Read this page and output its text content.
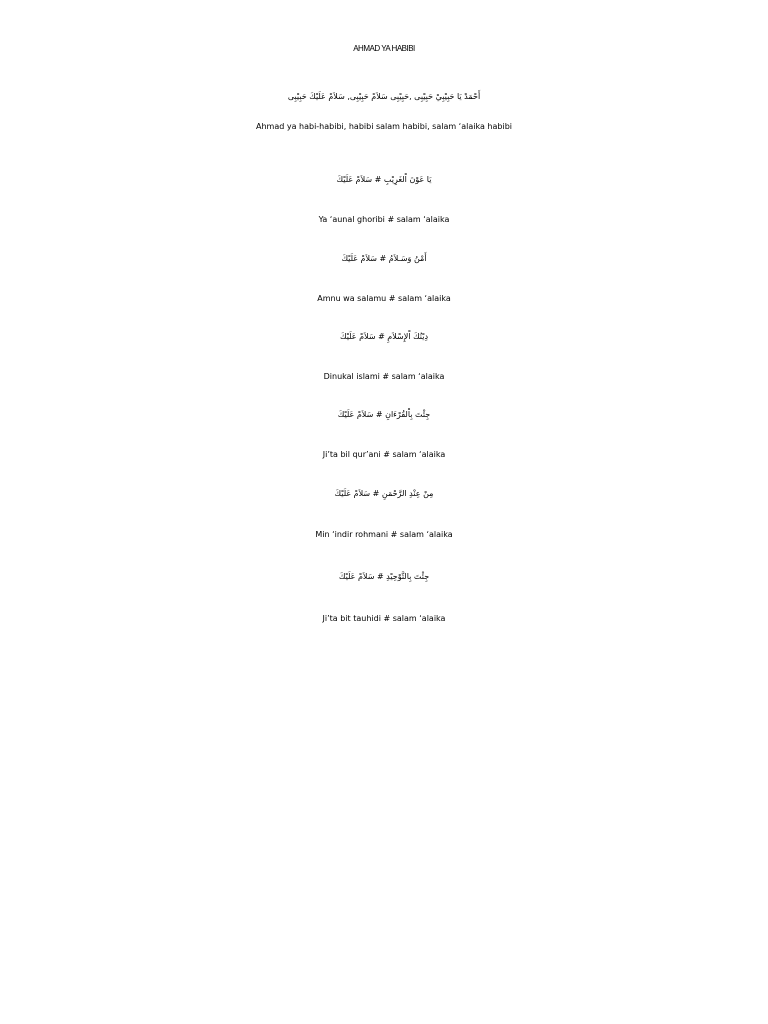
AHMAD YA HABIBI
أَحْمَدْ يَا حَبِيْبِيْ حَبِيْبِى ,حَبِيْبِى سَلاَمْ حَبِيْبِى, سَلاَمْ عَلَيْكَ حَبِيْبِى
Ahmad ya habi-habibi, habibi salam habibi, salam ‘alaika habibi
يَا عَوْنَ اْلغَرِيْبِ # سَلاَمْ عَلَيْكَ
Ya ‘aunal ghoribi # salam ‘alaika
أَمْنُ وَسَـلاَمُ # سَلاَمْ عَلَيْكَ
Amnu wa salamu # salam ‘alaika
دِيْنُكَ اْلإِسْلاَمِ # سَلاَمْ عَلَيْكَ
Dinukal islami # salam ‘alaika
جِئْتَ بِاْلقُرْءَانِ # سَلاَمْ عَلَيْكَ
Ji’ta bil qur’ani # salam ‘alaika
مِنْ عِنْدِ الرَّحْمَنِ # سَلاَمْ عَلَيْكَ
Min ‘indir rohmani # salam ‘alaika
جِئْتَ بِالتَّوْحِيْدِ # سَلاَمْ عَلَيْكَ
Ji’ta bit tauhidi # salam ‘alaika
